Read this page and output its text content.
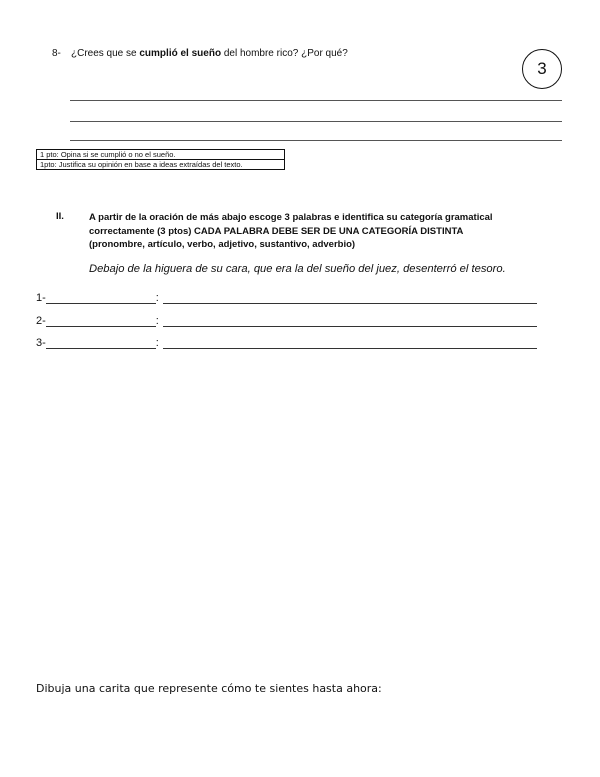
8- ¿Crees que se cumplió el sueño del hombre rico? ¿Por qué?
3
1 pto: Opina si se cumplió o no el sueño.
1pto: Justifica su opinión en base a ideas extraídas del texto.
II.	A partir de la oración de más abajo escoge 3 palabras e identifica su categoría gramatical
correctamente (3 ptos) CADA PALABRA DEBE SER DE UNA CATEGORÍA DISTINTA
(pronombre, artículo, verbo, adjetivo, sustantivo, adverbio)
Debajo de la higuera de su cara, que era la del sueño del juez, desenterró el tesoro.
1-	:
2-	:
3-	:
Dibuja una carita que represente cómo te sientes hasta ahora:
